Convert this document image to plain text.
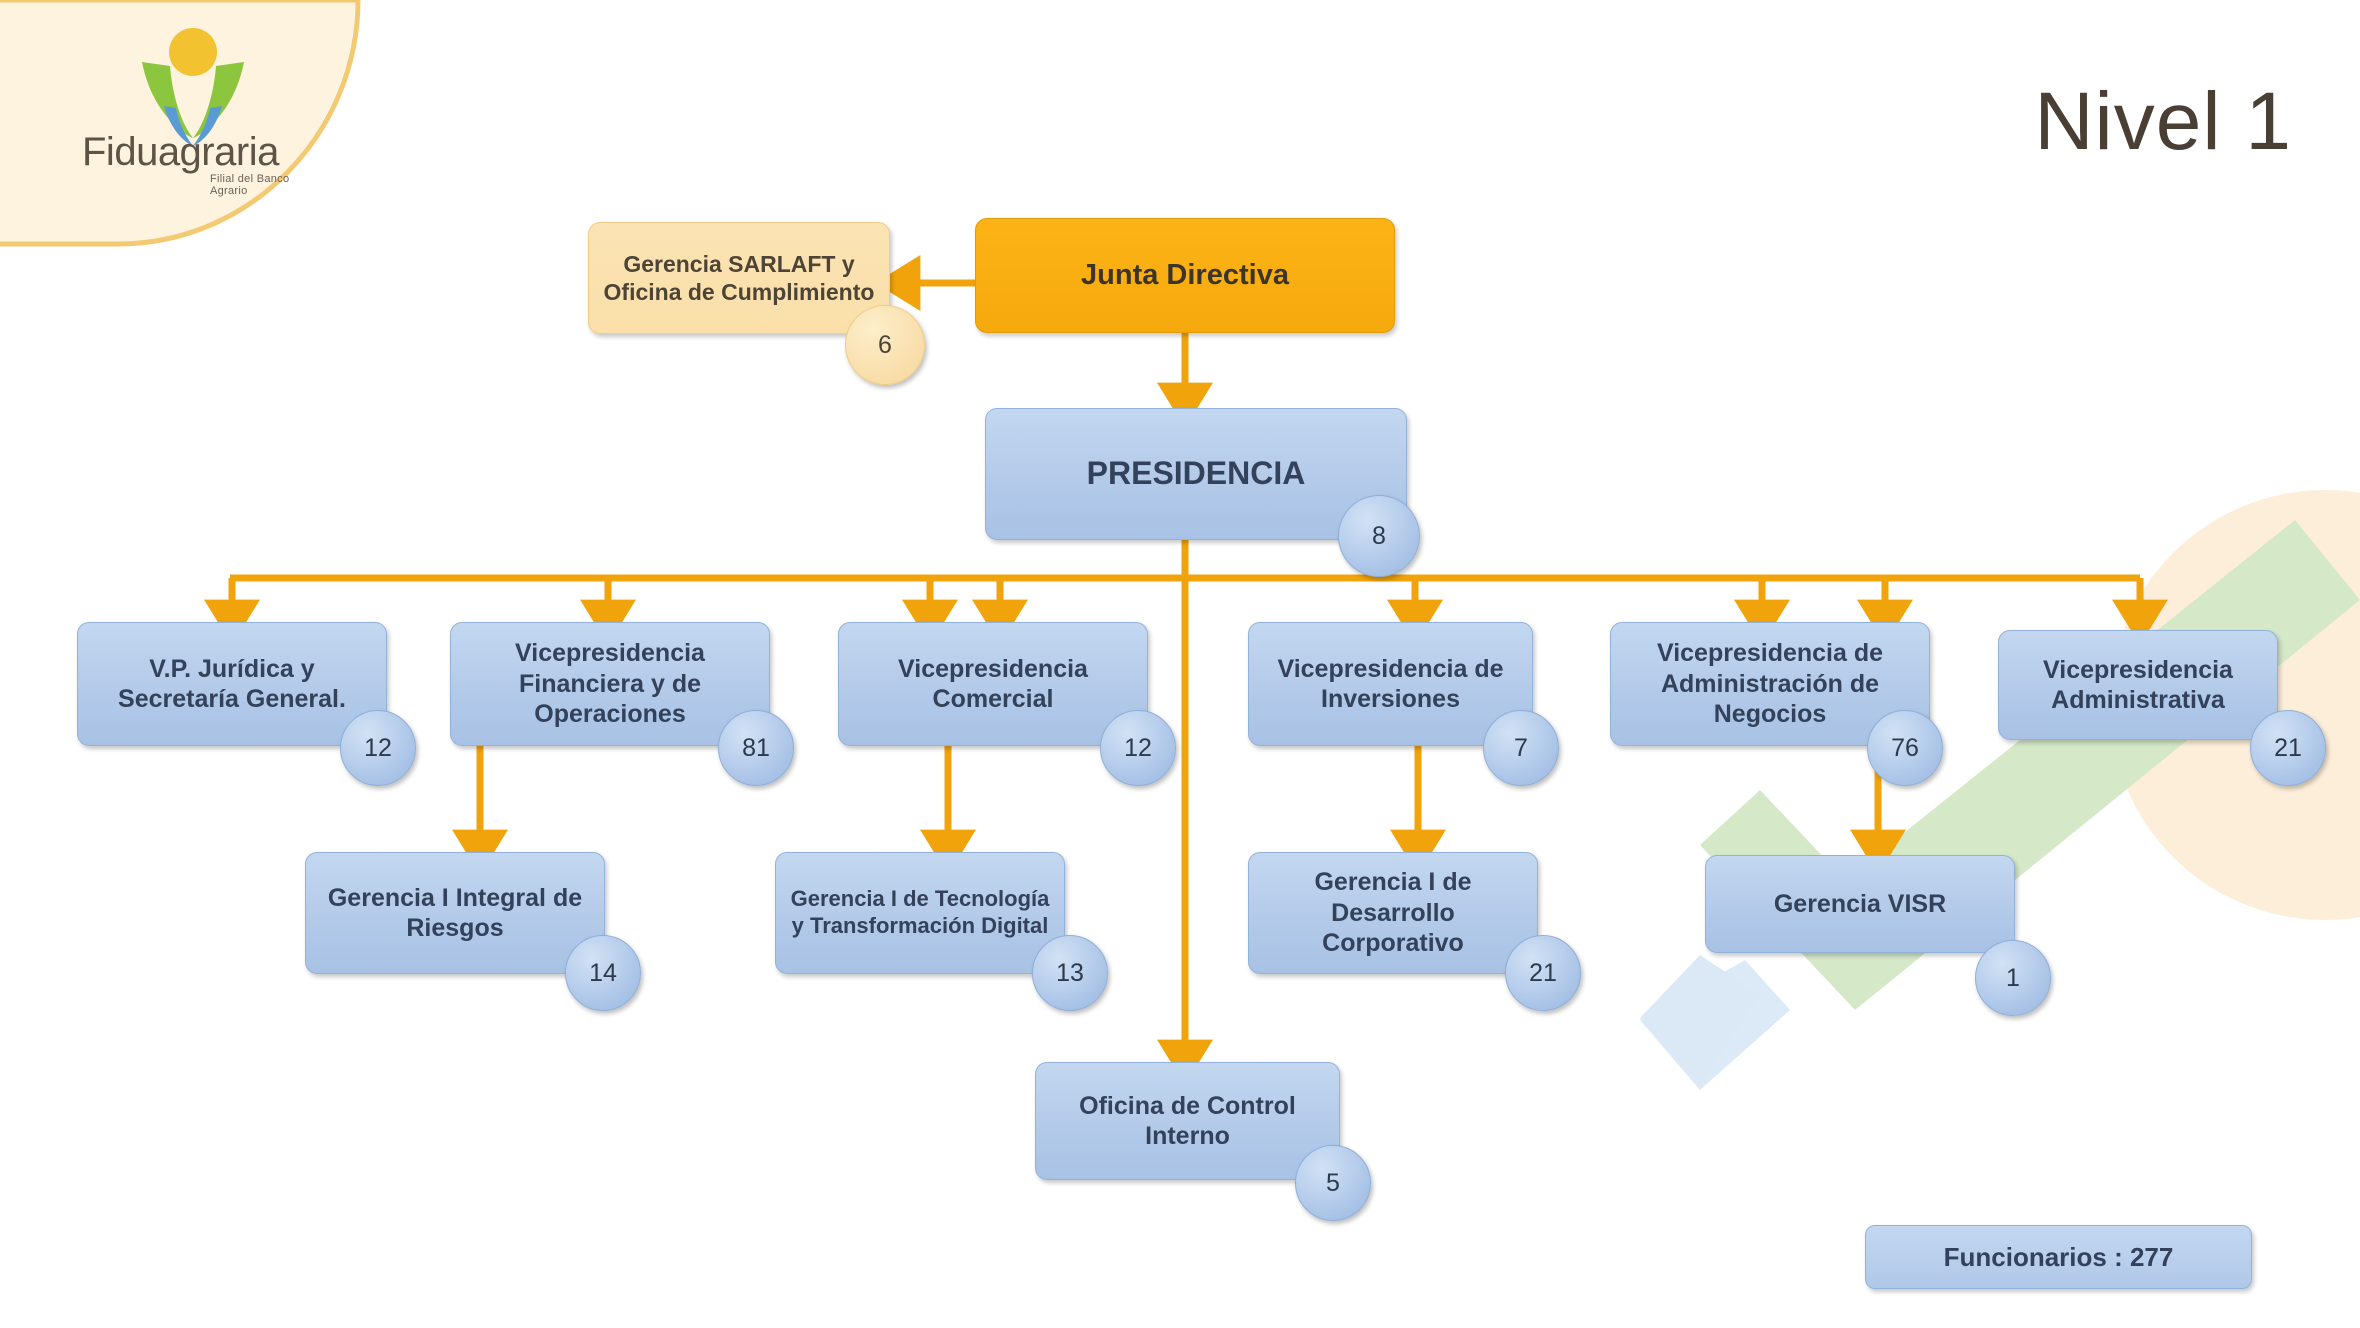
Fiduagraria
Filial del Banco Agrario
Nivel 1
Junta Directiva
Gerencia SARLAFT y Oficina de Cumplimiento
6
PRESIDENCIA
8
V.P. Jurídica y Secretaría General.
12
Vicepresidencia Financiera y de Operaciones
81
Vicepresidencia Comercial
12
Vicepresidencia de Inversiones
7
Vicepresidencia de Administración de Negocios
76
Vicepresidencia Administrativa
21
Gerencia I Integral de Riesgos
14
Gerencia I de Tecnología y Transformación Digital
13
Gerencia I de Desarrollo Corporativo
21
Gerencia VISR
1
Oficina de Control Interno
5
Funcionarios : 277
